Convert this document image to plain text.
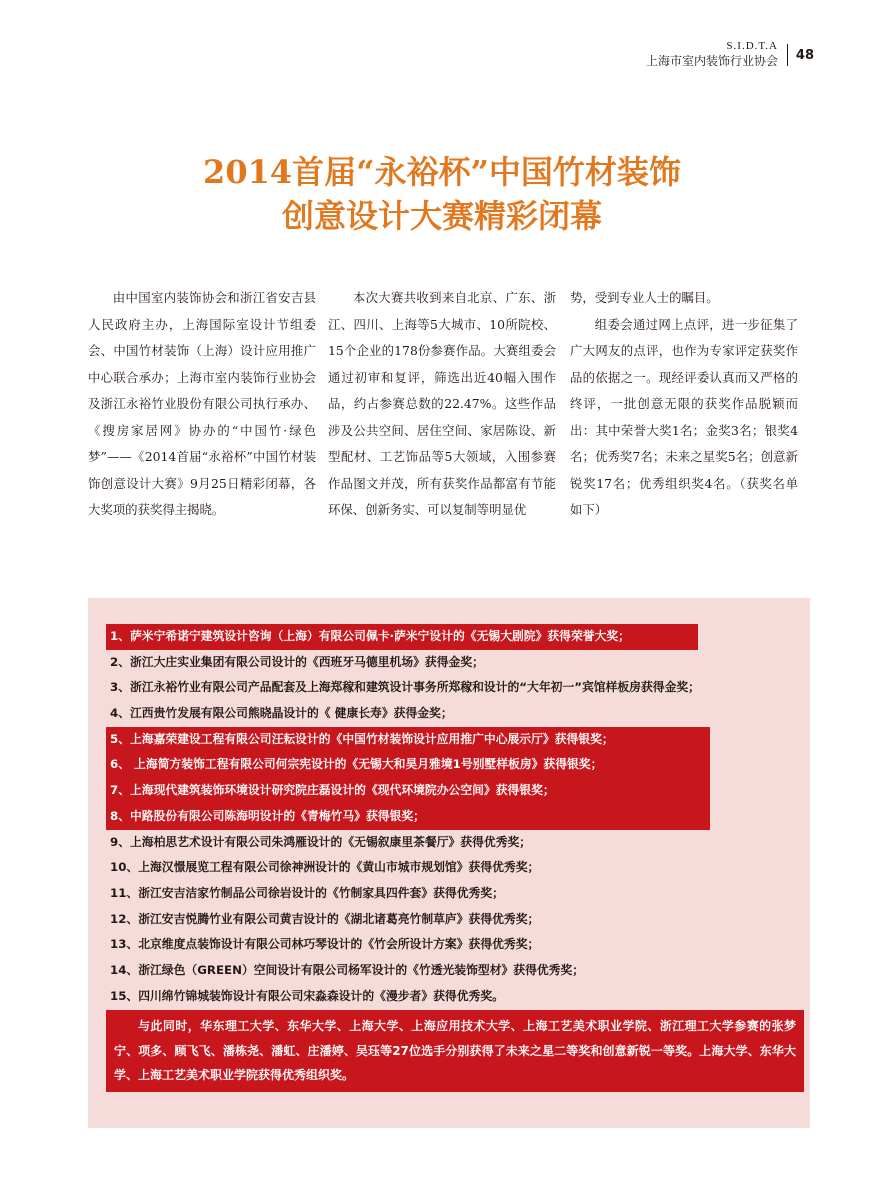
S.I.D.T.A
上海市室内装饰行业协会 48
2014首届“永裕杯”中国竹材装饰
创意设计大赛精彩闭幕

由中国室内装饰协会和浙江省安吉县人民政府主办，上海国际室设计节组委会、中国竹材装饰（上海）设计应用推广中心联合承办；上海市室内装饰行业协会及浙江永裕竹业股份有限公司执行承办、《搜房家居网》协办的“中国竹·绿色梦”——《2014首届“永裕杯”中国竹材装饰创意设计大赛》9月25日精彩闭幕，各大奖项的获奖得主揭晓。

本次大赛共收到来自北京、广东、浙江、四川、上海等5大城市、10所院校、15个企业的178份参赛作品。大赛组委会通过初审和复评，筛选出近40幅入围作品，约占参赛总数的22.47%。这些作品涉及公共空间、居住空间、家居陈设、新型配材、工艺饰品等5大领域，入围参赛作品图文并茂，所有获奖作品都富有节能环保、创新务实、可以复制等明显优

势，受到专业人士的瞩目。

组委会通过网上点评，进一步征集了广大网友的点评，也作为专家评定获奖作品的依据之一。现经评委认真而又严格的终评，一批创意无限的获奖作品脱颖而出：其中荣誉大奖1名；金奖3名；银奖4名；优秀奖7名；未来之星奖5名；创意新锐奖17名；优秀组织奖4名。（获奖名单如下）

1、萨米宁希诺宁建筑设计咨询（上海）有限公司佩卡·萨米宁设计的《无锡大剧院》获得荣誉大奖；
2、浙江大庄实业集团有限公司设计的《西班牙马德里机场》获得金奖；
3、浙江永裕竹业有限公司产品配套及上海郑稼和建筑设计事务所郑稼和设计的“大年初一”宾馆样板房获得金奖；
4、江西贵竹发展有限公司熊晓晶设计的《 健康长寿》获得金奖；
5、上海嘉荣建设工程有限公司汪耘设计的《中国竹材装饰设计应用推广中心展示厅》获得银奖；
6、 上海简方装饰工程有限公司何宗宪设计的《无锡大和昊月雅境1号别墅样板房》获得银奖；
7、上海现代建筑装饰环境设计研究院庄磊设计的《现代环境院办公空间》获得银奖；
8、中路股份有限公司陈海明设计的《青梅竹马》获得银奖；
9、上海柏思艺术设计有限公司朱鸿雁设计的《无锡叙康里茶餐厅》获得优秀奖；
10、上海汉憬展览工程有限公司徐神洲设计的《黄山市城市规划馆》获得优秀奖；
11、浙江安吉洁家竹制品公司徐岩设计的《竹制家具四件套》获得优秀奖；
12、浙江安吉悦腾竹业有限公司黄吉设计的《湖北诸葛亮竹制草庐》获得优秀奖；
13、北京维度点装饰设计有限公司林巧琴设计的《竹会所设计方案》获得优秀奖；
14、浙江绿色（GREEN）空间设计有限公司杨军设计的《竹透光装饰型材》获得优秀奖；
15、四川绵竹锦城装饰设计有限公司宋淼森设计的《漫步者》获得优秀奖。
与此同时，华东理工大学、东华大学、上海大学、上海应用技术大学、上海工艺美术职业学院、浙江理工大学参赛的张梦宁、项多、顾飞飞、潘栋尧、潘虹、庄潘婷、吴珏等27位选手分别获得了未来之星二等奖和创意新锐一等奖。上海大学、东华大学、上海工艺美术职业学院获得优秀组织奖。
